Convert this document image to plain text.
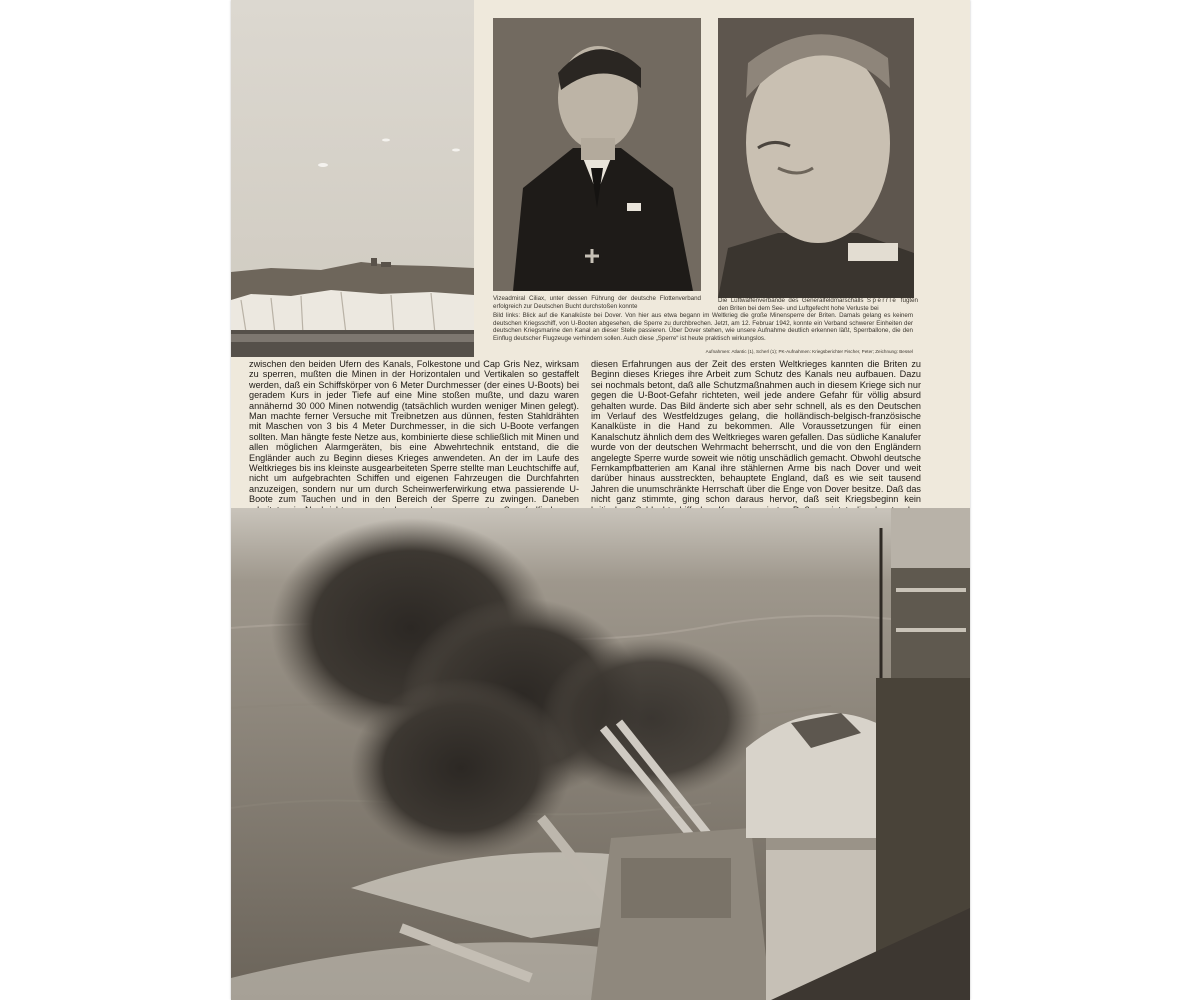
Vizeadmiral Ciliax, unter dessen Führung der deutsche Flottenverband erfolgreich zur Deutschen Bucht durchstoßen konnte

Die Luftwaffenverbände des Generalfeldmarschalls Sperrle fügten den Briten bei dem See- und Luftgefecht hohe Verluste bei

Bild links: Blick auf die Kanalküste bei Dover. Von hier aus etwa begann im Weltkrieg die große Minensperre der Briten. Damals gelang es keinem deutschen Kriegsschiff, von U-Booten abgesehen, die Sperre zu durchbrechen. Jetzt, am 12. Februar 1942, konnte ein Verband schwerer Einheiten der deutschen Kriegsmarine den Kanal an dieser Stelle passieren. Über Dover stehen, wie unsere Aufnahme deutlich erkennen läßt, Sperrballone, die den Einflug deutscher Flugzeuge verhindern sollen. Auch diese „Sperre“ ist heute praktisch wirkungslos.

Aufnahmen: Atlantic (1), Scherl (1); PK-Aufnahmen: Kriegsberichter Fischer, Peter; Zeichnung: Bessel

zwischen den beiden Ufern des Kanals, Folkestone und Cap Gris Nez, wirksam zu sperren, mußten die Minen in der Horizontalen und Vertikalen so gestaffelt werden, daß ein Schiffskörper von 6 Meter Durchmesser (der eines U-Boots) bei geradem Kurs in jeder Tiefe auf eine Mine stoßen mußte, und dazu waren annähernd 30 000 Minen notwendig (tatsächlich wurden weniger Minen gelegt). Man machte ferner Versuche mit Treibnetzen aus dünnen, festen Stahldrähten mit Maschen von 3 bis 4 Meter Durchmesser, in die sich U-Boote verfangen sollten. Man hängte feste Netze aus, kombinierte diese schließlich mit Minen und allen möglichen Alarmgeräten, bis eine Abwehrtechnik entstand, die die Engländer auch zu Beginn dieses Krieges anwendeten. An der im Laufe des Weltkrieges bis ins kleinste ausgearbeiteten Sperre stellte man Leuchtschiffe auf, nicht um aufgebrachten Schiffen und eigenen Fahrzeugen die Durchfahrten anzuzeigen, sondern nur um durch Scheinwerferwirkung etwa passierende U-Boote zum Tauchen und in den Bereich der Sperre zu zwingen. Daneben

diesen Erfahrungen aus der Zeit des ersten Weltkrieges kannten die Briten zu Beginn dieses Krieges ihre Arbeit zum Schutz des Kanals neu aufbauen. Dazu sei nochmals betont, daß alle Schutzmaßnahmen auch in diesem Kriege sich nur gegen die U-Boot-Gefahr richteten, weil jede andere Gefahr für völlig absurd gehalten wurde. Das Bild änderte sich aber sehr schnell, als es den Deutschen im Verlauf des Westfeldzuges gelang, die holländisch-belgisch-französische Kanalküste in die Hand zu bekommen. Alle Voraussetzungen für einen Kanalschutz ähnlich dem des Weltkrieges waren gefallen. Das südliche Kanalufer wurde von der deutschen Wehrmacht beherrscht, und die von den Engländern angelegte Sperre wurde soweit wie nötig unschädlich gemacht. Obwohl deutsche Fernkampfbatterien am Kanal ihre stählernen Arme bis nach Dover und weit darüber hinaus ausstreckten, behauptete England, daß es wie seit tausend Jahren die unumschränkte Herrschaft über die Enge von Dover besitze. Daß das nicht ganz stimmte, ging schon daraus hervor, daß seit Kriegsbeginn kein
